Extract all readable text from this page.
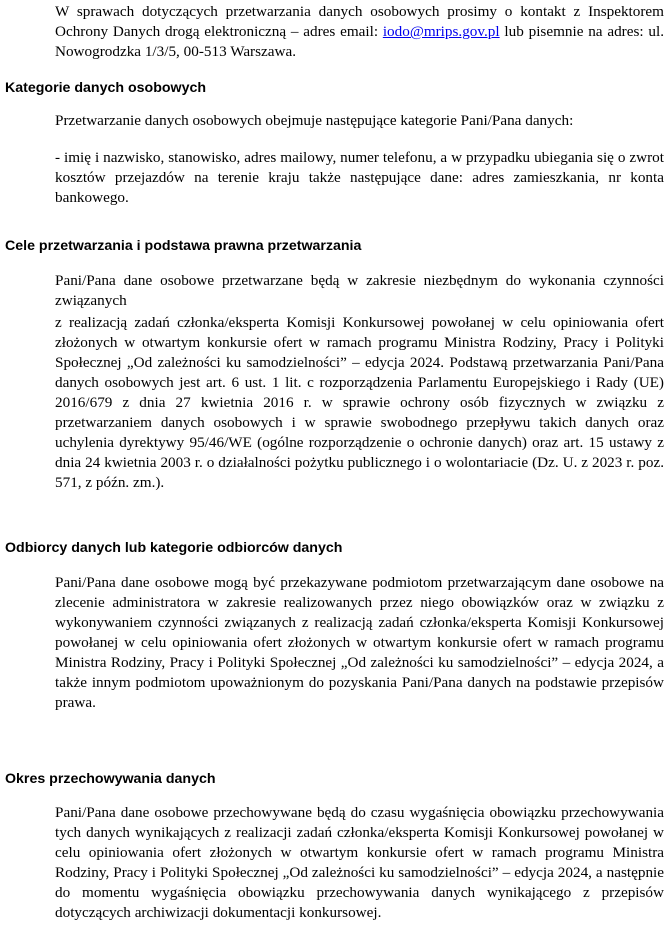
W sprawach dotyczących przetwarzania danych osobowych prosimy o kontakt z Inspektorem Ochrony Danych drogą elektroniczną – adres email: iodo@mrips.gov.pl lub pisemnie na adres: ul. Nowogrodzka 1/3/5, 00-513 Warszawa.

Kategorie danych osobowych

Przetwarzanie danych osobowych obejmuje następujące kategorie Pani/Pana danych:

- imię i nazwisko, stanowisko, adres mailowy, numer telefonu, a w przypadku ubiegania się o zwrot kosztów przejazdów na terenie kraju także następujące dane: adres zamieszkania, nr konta bankowego.

Cele przetwarzania i podstawa prawna przetwarzania

Pani/Pana dane osobowe przetwarzane będą w zakresie niezbędnym do wykonania czynności związanych

z realizacją zadań członka/eksperta Komisji Konkursowej powołanej w celu opiniowania ofert złożonych w otwartym konkursie ofert w ramach programu Ministra Rodziny, Pracy i Polityki Społecznej „Od zależności ku samodzielności” – edycja 2024. Podstawą przetwarzania Pani/Pana danych osobowych jest art. 6 ust. 1 lit. c rozporządzenia Parlamentu Europejskiego i Rady (UE) 2016/679 z dnia 27 kwietnia 2016 r. w sprawie ochrony osób fizycznych w związku z przetwarzaniem danych osobowych i w sprawie swobodnego przepływu takich danych oraz uchylenia dyrektywy 95/46/WE (ogólne rozporządzenie o ochronie danych) oraz art. 15 ustawy z dnia 24 kwietnia 2003 r. o działalności pożytku publicznego i o wolontariacie (Dz. U. z 2023 r. poz. 571, z późn. zm.).

Odbiorcy danych lub kategorie odbiorców danych

Pani/Pana dane osobowe mogą być przekazywane podmiotom przetwarzającym dane osobowe na zlecenie administratora w zakresie realizowanych przez niego obowiązków oraz w związku z wykonywaniem czynności związanych z realizacją zadań członka/eksperta Komisji Konkursowej powołanej w celu opiniowania ofert złożonych w otwartym konkursie ofert w ramach programu Ministra Rodziny, Pracy i Polityki Społecznej „Od zależności ku samodzielności” – edycja 2024, a także innym podmiotom upoważnionym do pozyskania Pani/Pana danych na podstawie przepisów prawa.

Okres przechowywania danych

Pani/Pana dane osobowe przechowywane będą do czasu wygaśnięcia obowiązku przechowywania tych danych wynikających z realizacji zadań członka/eksperta Komisji Konkursowej powołanej w celu opiniowania ofert złożonych w otwartym konkursie ofert w ramach programu Ministra Rodziny, Pracy i Polityki Społecznej „Od zależności ku samodzielności” – edycja 2024, a następnie do momentu wygaśnięcia obowiązku przechowywania danych wynikającego z przepisów dotyczących archiwizacji dokumentacji konkursowej.
